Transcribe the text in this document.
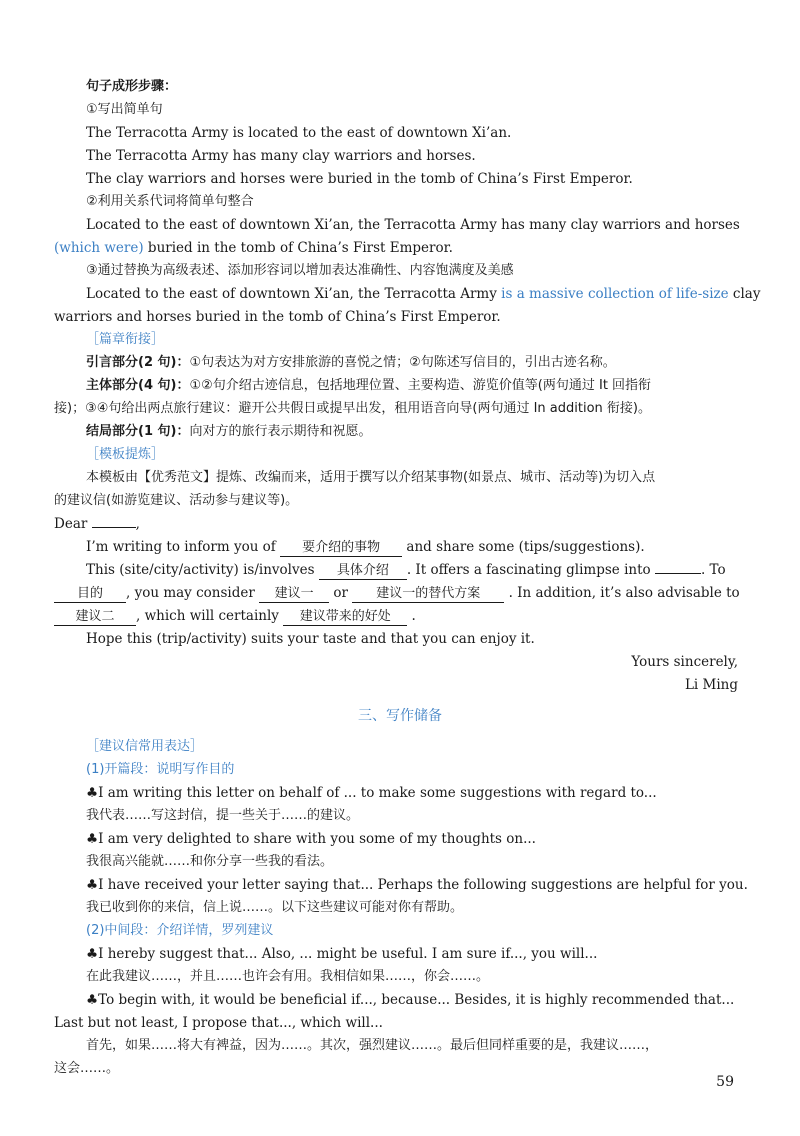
句子成形步骤：
①写出简单句
The Terracotta Army is located to the east of downtown Xi’an.
The Terracotta Army has many clay warriors and horses.
The clay warriors and horses were buried in the tomb of China’s First Emperor.
②利用关系代词将简单句整合
Located to the east of downtown Xi’an, the Terracotta Army has many clay warriors and horses
(which were) buried in the tomb of China’s First Emperor.
③通过替换为高级表述、添加形容词以增加表达准确性、内容饱满度及美感
Located to the east of downtown Xi’an, the Terracotta Army is a massive collection of life-size clay
warriors and horses buried in the tomb of China’s First Emperor.
［篇章衔接］
引言部分(2 句)：①句表达为对方安排旅游的喜悦之情；②句陈述写信目的，引出古迹名称。
主体部分(4 句)：①②句介绍古迹信息，包括地理位置、主要构造、游览价值等(两句通过 It 回指衔
接)；③④句给出两点旅行建议：避开公共假日或提早出发，租用语音向导(两句通过 In addition 衔接)。
结局部分(1 句)：向对方的旅行表示期待和祝愿。
［模板提炼］
本模板由【优秀范文】提炼、改编而来，适用于撰写以介绍某事物(如景点、城市、活动等)为切入点
的建议信(如游览建议、活动参与建议等)。
Dear	,
I’m writing to inform you of 要介绍的事物 and share some (tips/suggestions).
This (site/city/activity) is/involves 具体介绍 . It offers a fascinating glimpse into	. To
目的 , you may consider 建议一 or 建议一的替代方案 . In addition, it’s also advisable to
建议二 , which will certainly 建议带来的好处 .
Hope this (trip/activity) suits your taste and that you can enjoy it.
Yours sincerely,
Li Ming
三、写作储备
［建议信常用表达］
(1)开篇段：说明写作目的
♣I am writing this letter on behalf of ... to make some suggestions with regard to...
我代表……写这封信，提一些关于……的建议。
♣I am very delighted to share with you some of my thoughts on...
我很高兴能就……和你分享一些我的看法。
♣I have received your letter saying that... Perhaps the following suggestions are helpful for you.
我已收到你的来信，信上说……。以下这些建议可能对你有帮助。
(2)中间段：介绍详情，罗列建议
♣I hereby suggest that... Also, ... might be useful. I am sure if..., you will...
在此我建议……，并且……也许会有用。我相信如果……，你会……。
♣To begin with, it would be beneficial if..., because... Besides, it is highly recommended that...
Last but not least, I propose that..., which will...
首先，如果……将大有裨益，因为……。其次，强烈建议……。最后但同样重要的是，我建议……，
这会……。
59
